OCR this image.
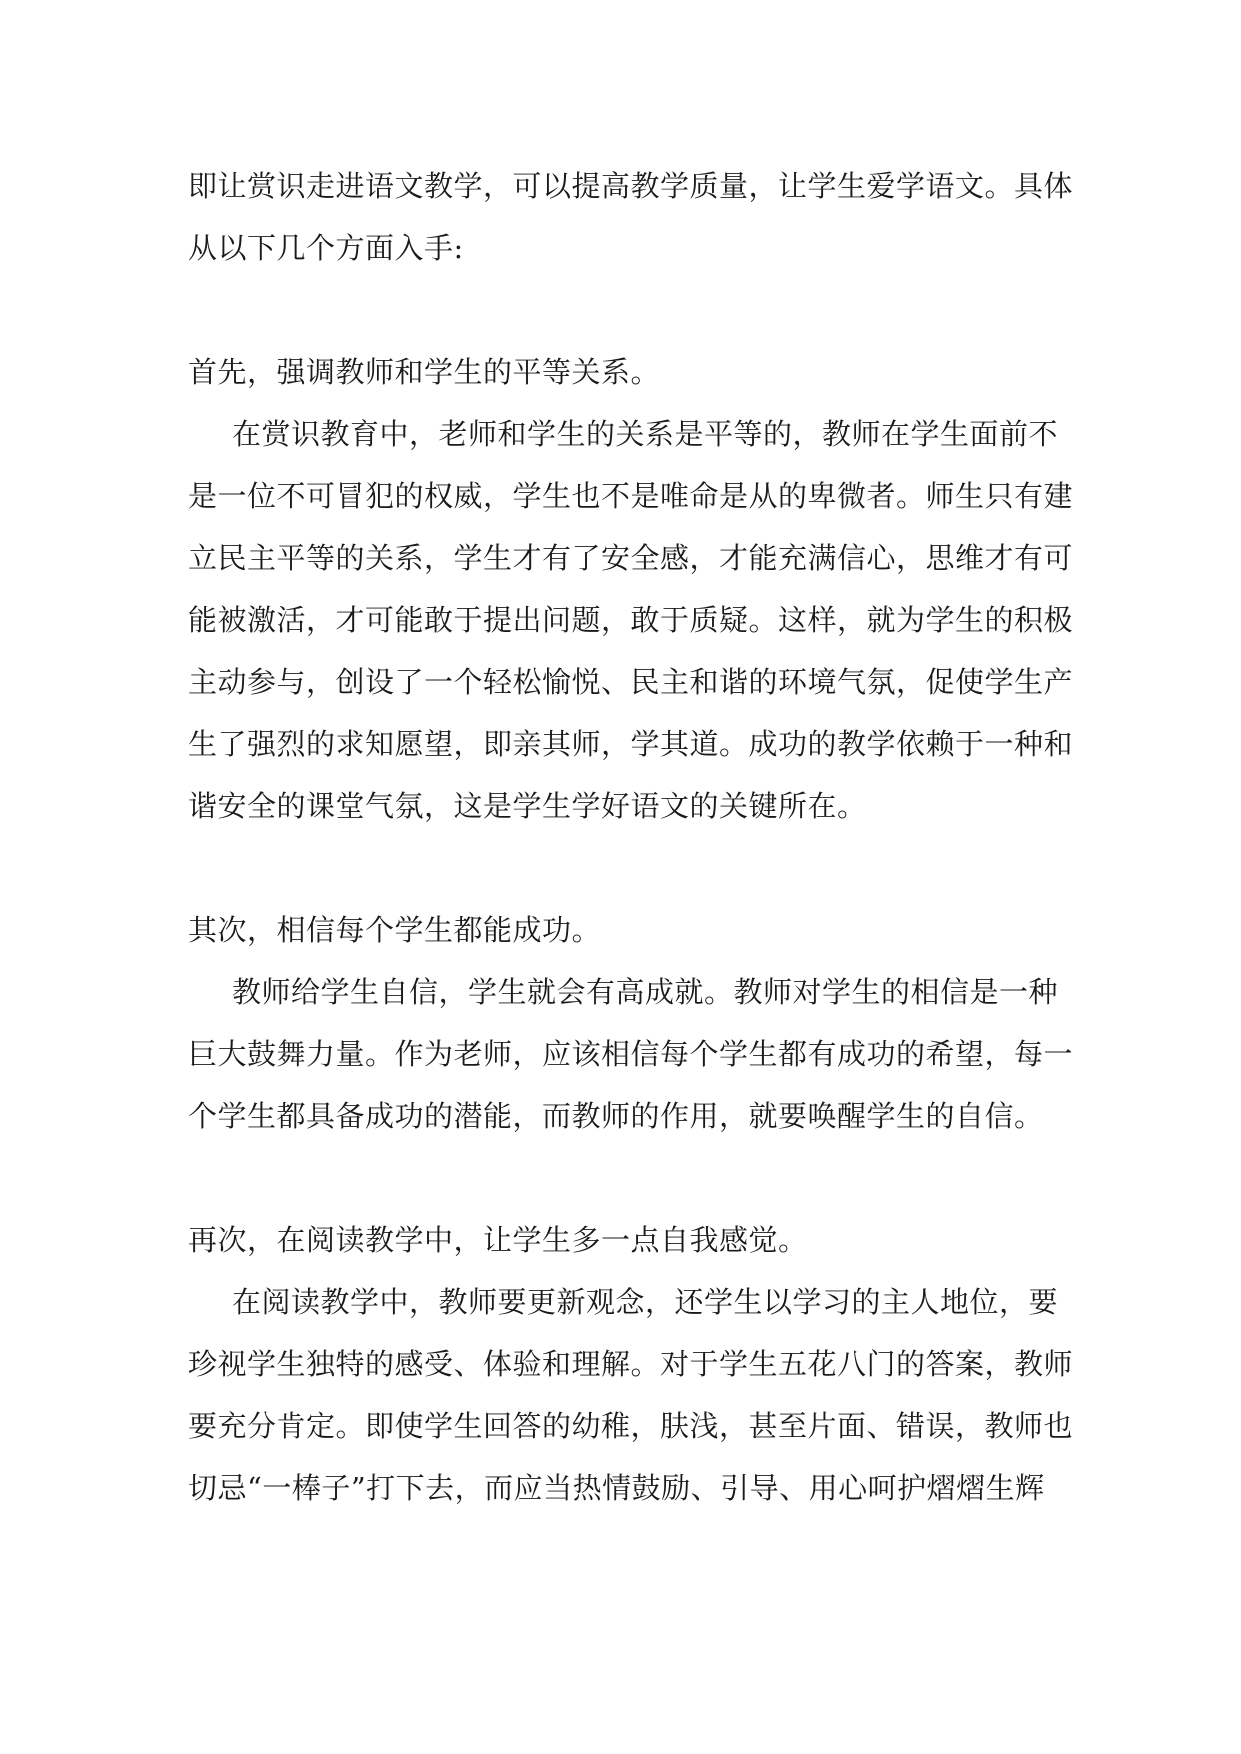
即让赏识走进语文教学，可以提高教学质量，让学生爱学语文。具体
从以下几个方面入手:
首先，强调教师和学生的平等关系。
在赏识教育中，老师和学生的关系是平等的，教师在学生面前不
是一位不可冒犯的权威，学生也不是唯命是从的卑微者。师生只有建
立民主平等的关系，学生才有了安全感，才能充满信心，思维才有可
能被激活，才可能敢于提出问题，敢于质疑。这样，就为学生的积极
主动参与，创设了一个轻松愉悦、民主和谐的环境气氛，促使学生产
生了强烈的求知愿望，即亲其师，学其道。成功的教学依赖于一种和
谐安全的课堂气氛，这是学生学好语文的关键所在。
其次，相信每个学生都能成功。
教师给学生自信，学生就会有高成就。教师对学生的相信是一种
巨大鼓舞力量。作为老师，应该相信每个学生都有成功的希望，每一
个学生都具备成功的潜能，而教师的作用，就要唤醒学生的自信。
再次，在阅读教学中，让学生多一点自我感觉。
在阅读教学中，教师要更新观念，还学生以学习的主人地位，要
珍视学生独特的感受、体验和理解。对于学生五花八门的答案，教师
要充分肯定。即使学生回答的幼稚，肤浅，甚至片面、错误，教师也
切忌“一棒子”打下去，而应当热情鼓励、引导、用心呵护熠熠生辉
